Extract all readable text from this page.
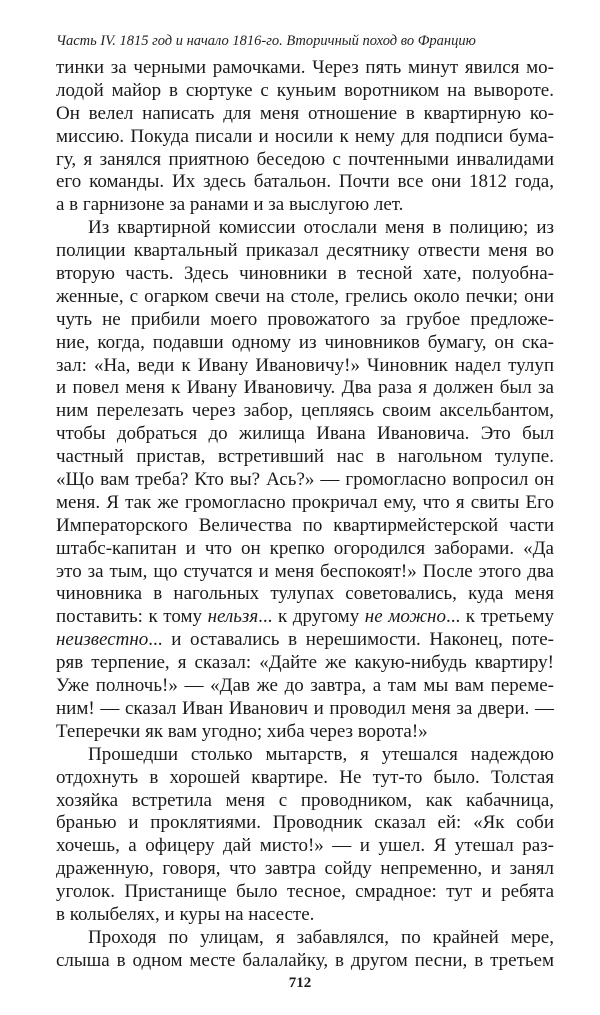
Часть IV. 1815 год и начало 1816-го. Вторичный поход во Францию
тинки за черными рамочками. Через пять минут явился мо-
лодой майор в сюртуке с куньим воротником на вывороте.
Он велел написать для меня отношение в квартирную ко-
миссию. Покуда писали и носили к нему для подписи бума-
гу, я занялся приятною беседою с почтенными инвалидами
его команды. Их здесь батальон. Почти все они 1812 года,
а в гарнизоне за ранами и за выслугою лет.
Из квартирной комиссии отослали меня в полицию; из
полиции квартальный приказал десятнику отвести меня во
вторую часть. Здесь чиновники в тесной хате, полуобна-
женные, с огарком свечи на столе, грелись около печки; они
чуть не прибили моего провожатого за грубое предложе-
ние, когда, подавши одному из чиновников бумагу, он ска-
зал: «На, веди к Ивану Ивановичу!» Чиновник надел тулуп
и повел меня к Ивану Ивановичу. Два раза я должен был за
ним перелезать через забор, цепляясь своим аксельбантом,
чтобы добраться до жилища Ивана Ивановича. Это был
частный пристав, встретивший нас в нагольном тулупе.
«Що вам треба? Кто вы? Ась?» — громогласно вопросил он
меня. Я так же громогласно прокричал ему, что я свиты Его
Императорского Величества по квартирмейстерской части
штабс-капитан и что он крепко огородился заборами. «Да
это за тым, що стучатся и меня беспокоят!» После этого два
чиновника в нагольных тулупах советовались, куда меня
поставить: к тому нельзя... к другому не можно... к третьему
неизвестно... и оставались в нерешимости. Наконец, поте-
ряв терпение, я сказал: «Дайте же какую-нибудь квартиру!
Уже полночь!» — «Дав же до завтра, а там мы вам переме-
ним! — сказал Иван Иванович и проводил меня за двери. —
Теперечки як вам угодно; хиба через ворота!»
Прошедши столько мытарств, я утешался надеждою
отдохнуть в хорошей квартире. Не тут-то было. Толстая
хозяйка встретила меня с проводником, как кабачница,
бранью и проклятиями. Проводник сказал ей: «Як соби
хочешь, а офицеру дай мисто!» — и ушел. Я утешал раз-
драженную, говоря, что завтра сойду непременно, и занял
уголок. Пристанище было тесное, смрадное: тут и ребята
в колыбелях, и куры на насесте.
Проходя по улицам, я забавлялся, по крайней мере,
слыша в одном месте балалайку, в другом песни, в третьем
712
